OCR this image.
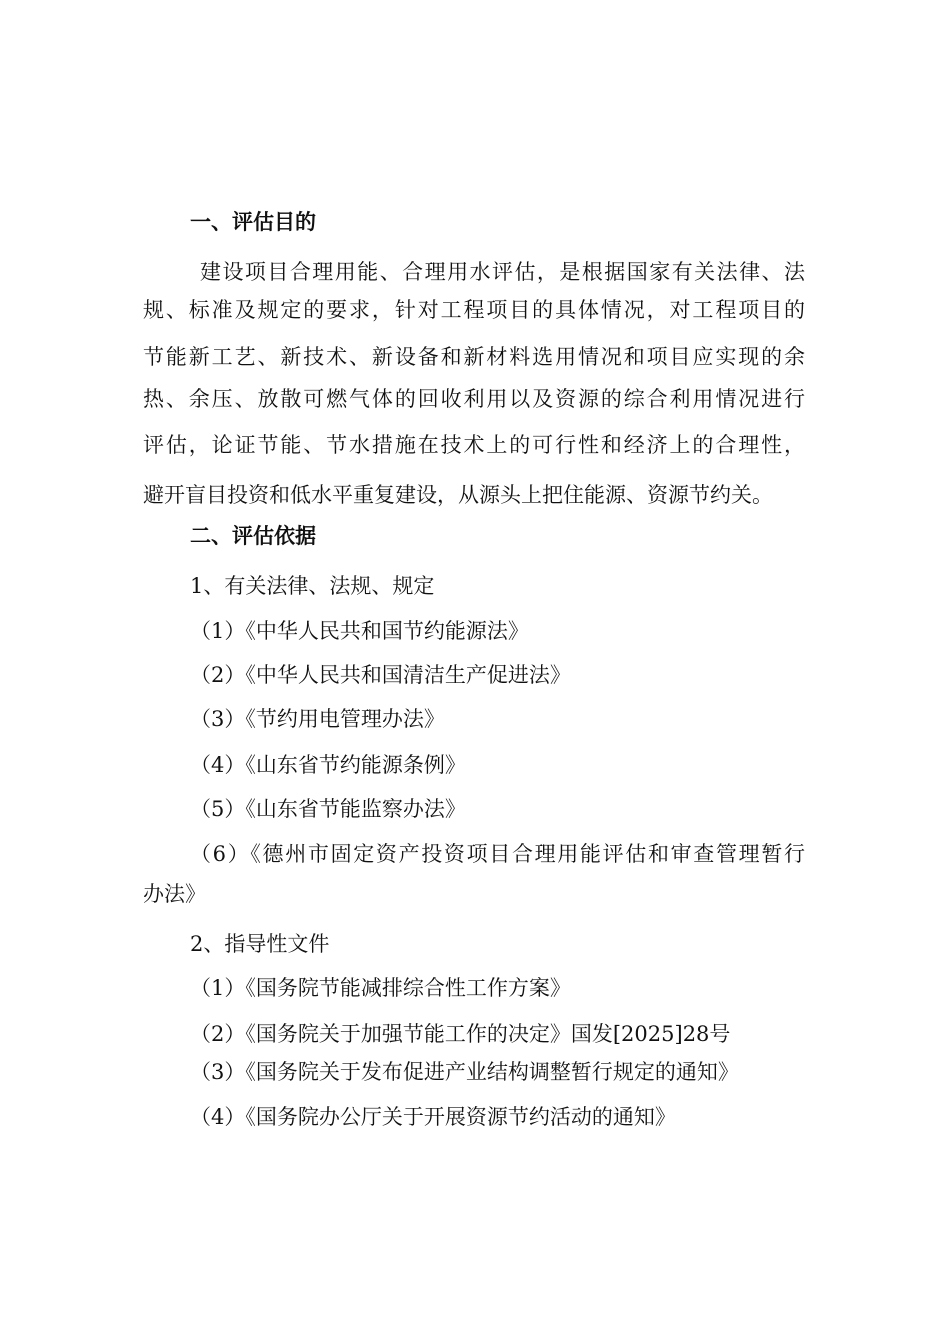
一、评估目的
建设项目合理用能、合理用水评估，是根据国家有关法律、法
规、标准及规定的要求，针对工程项目的具体情况，对工程项目的
节能新工艺、新技术、新设备和新材料选用情况和项目应实现的余
热、余压、放散可燃气体的回收利用以及资源的综合利用情况进行
评估，论证节能、节水措施在技术上的可行性和经济上的合理性，
避开盲目投资和低水平重复建设，从源头上把住能源、资源节约关。
二、评估依据
1、有关法律、法规、规定
（1）《中华人民共和国节约能源法》
（2）《中华人民共和国清洁生产促进法》
（3）《节约用电管理办法》
（4）《山东省节约能源条例》
（5）《山东省节能监察办法》
（6）《德州市固定资产投资项目合理用能评估和审查管理暂行
办法》
2、指导性文件
（1）《国务院节能减排综合性工作方案》
（2）《国务院关于加强节能工作的决定》国发[2025]28号
（3）《国务院关于发布促进产业结构调整暂行规定的通知》
（4）《国务院办公厅关于开展资源节约活动的通知》
